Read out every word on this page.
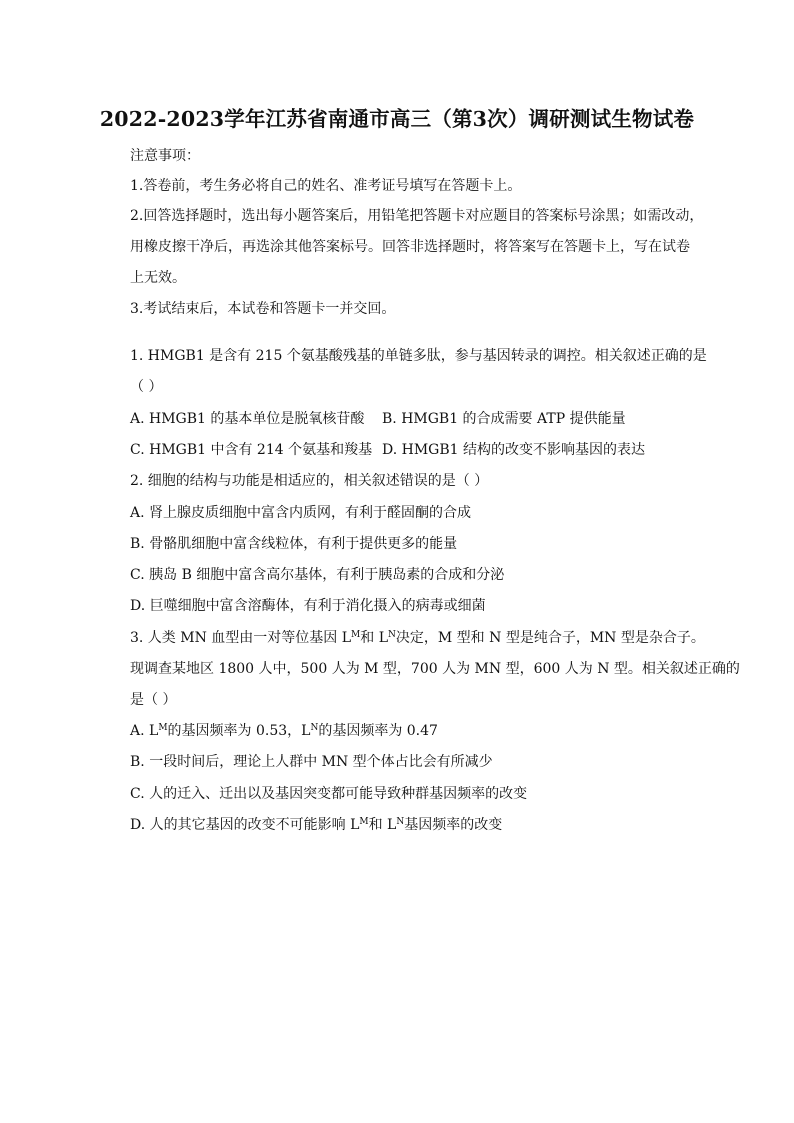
2022-2023学年江苏省南通市高三（第3次）调研测试生物试卷
注意事项：
1.答卷前，考生务必将自己的姓名、准考证号填写在答题卡上。
2.回答选择题时，选出每小题答案后，用铅笔把答题卡对应题目的答案标号涂黑；如需改动，
用橡皮擦干净后，再选涂其他答案标号。回答非选择题时，将答案写在答题卡上，写在试卷
上无效。
3.考试结束后，本试卷和答题卡一并交回。
1. HMGB1 是含有 215 个氨基酸残基的单链多肽，参与基因转录的调控。相关叙述正确的是
（ ）
A. HMGB1 的基本单位是脱氧核苷酸 B. HMGB1 的合成需要 ATP 提供能量
C. HMGB1 中含有 214 个氨基和羧基 D. HMGB1 结构的改变不影响基因的表达
2. 细胞的结构与功能是相适应的，相关叙述错误的是（ ）
A. 肾上腺皮质细胞中富含内质网，有利于醛固酮的合成
B. 骨骼肌细胞中富含线粒体，有利于提供更多的能量
C. 胰岛 B 细胞中富含高尔基体，有利于胰岛素的合成和分泌
D. 巨噬细胞中富含溶酶体，有利于消化摄入的病毒或细菌
3. 人类 MN 血型由一对等位基因 $L^M$和 $L^N$决定，M 型和 N 型是纯合子，MN 型是杂合子。
现调查某地区 1800 人中，500 人为 M 型，700 人为 MN 型，600 人为 N 型。相关叙述正确的
是（ ）
A. $L^M$的基因频率为 0.53，$L^N$的基因频率为 0.47
B. 一段时间后，理论上人群中 MN 型个体占比会有所减少
C. 人的迁入、迁出以及基因突变都可能导致种群基因频率的改变
D. 人的其它基因的改变不可能影响 $L^M$和 $L^N$基因频率的改变
